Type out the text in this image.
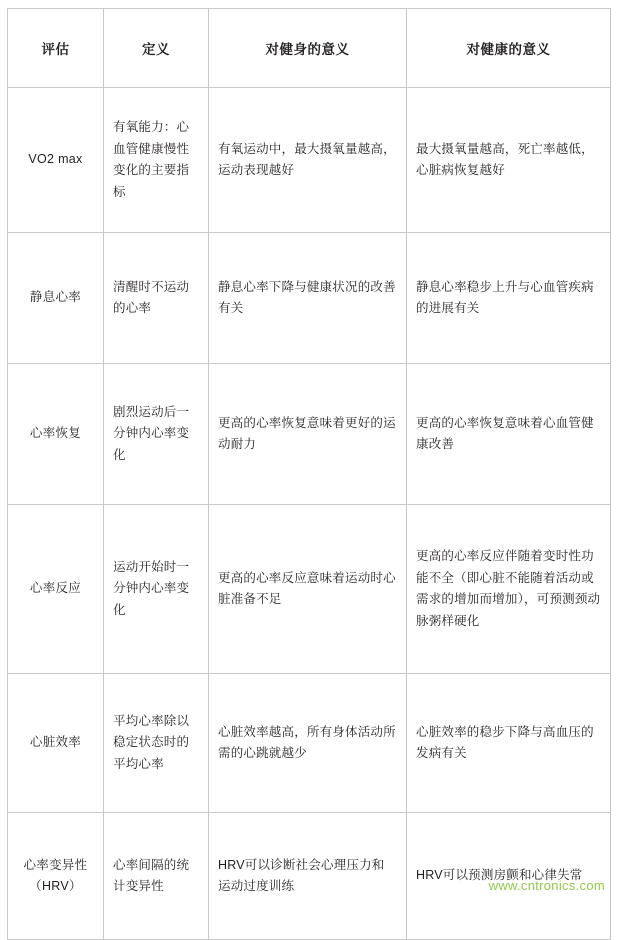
评估	定义	对健身的意义	对健康的意义
VO2 max	有氧能力：心血管健康慢性变化的主要指标	有氧运动中，最大摄氧量越高，运动表现越好	最大摄氧量越高，死亡率越低，心脏病恢复越好
静息心率	清醒时不运动的心率	静息心率下降与健康状况的改善有关	静息心率稳步上升与心血管疾病的进展有关
心率恢复	剧烈运动后一分钟内心率变化	更高的心率恢复意味着更好的运动耐力	更高的心率恢复意味着心血管健康改善
心率反应	运动开始时一分钟内心率变化	更高的心率反应意味着运动时心脏准备不足	更高的心率反应伴随着变时性功能不全（即心脏不能随着活动或需求的增加而增加），可预测颈动脉粥样硬化
心脏效率	平均心率除以稳定状态时的平均心率	心脏效率越高，所有身体活动所需的心跳就越少	心脏效率的稳步下降与高血压的发病有关
心率变异性（HRV）	心率间隔的统计变异性	HRV可以诊断社会心理压力和运动过度训练	HRV可以预测房颤和心律失常
www.cntronics.com
